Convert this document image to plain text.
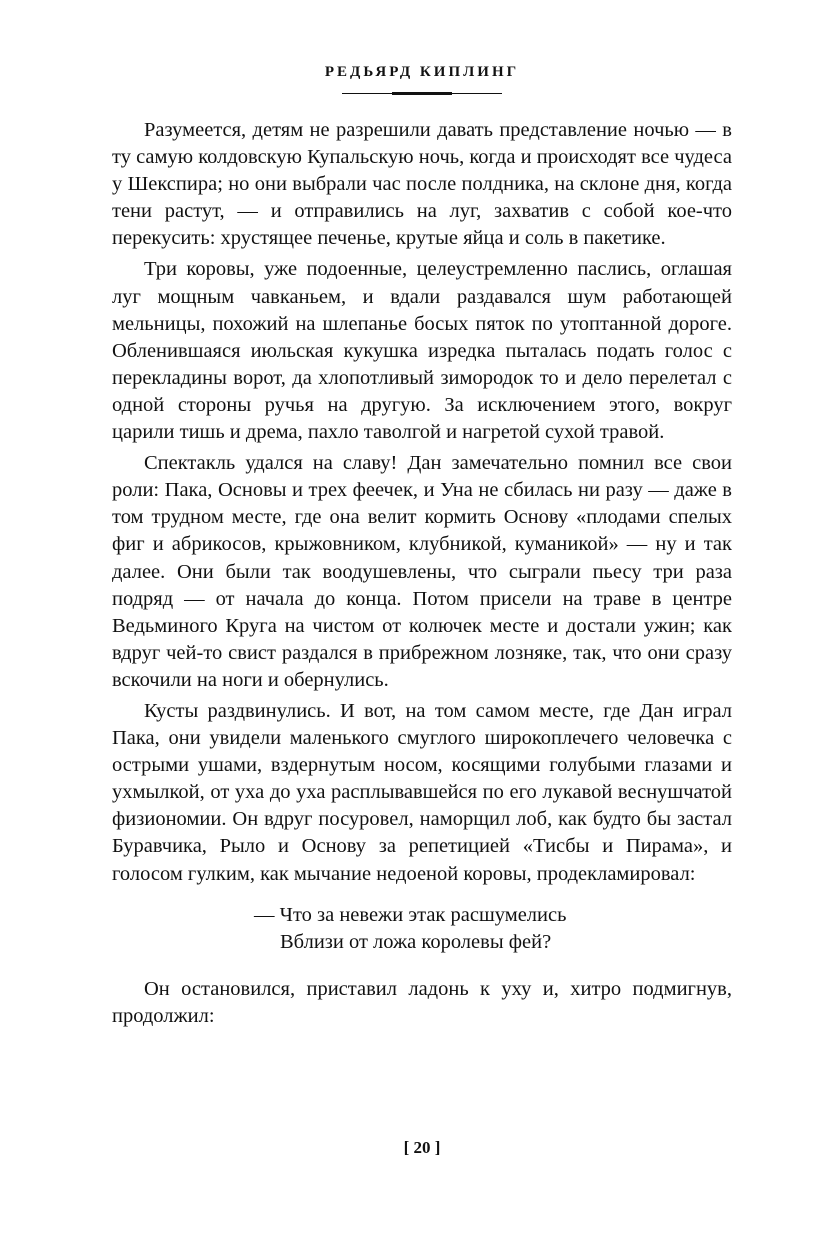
РЕДЬЯРД КИПЛИНГ

Разумеется, детям не разрешили давать представление ночью — в ту самую колдовскую Купальскую ночь, когда и происходят все чудеса у Шекспира; но они выбрали час после полдника, на склоне дня, когда тени растут, — и отправились на луг, захватив с собой кое-что перекусить: хрустящее печенье, крутые яйца и соль в пакетике.

Три коровы, уже подоенные, целеустремленно паслись, оглашая луг мощным чавканьем, и вдали раздавался шум работающей мельницы, похожий на шлепанье босых пяток по утоптанной дороге. Обленившаяся июльская кукушка изредка пыталась подать голос с перекладины ворот, да хлопотливый зимородок то и дело перелетал с одной стороны ручья на другую. За исключением этого, вокруг царили тишь и дрема, пахло таволгой и нагретой сухой травой.

Спектакль удался на славу! Дан замечательно помнил все свои роли: Пака, Основы и трех феечек, и Уна не сбилась ни разу — даже в том трудном месте, где она велит кормить Основу «плодами спелых фиг и абрикосов, крыжовником, клубникой, куманикой» — ну и так далее. Они были так воодушевлены, что сыграли пьесу три раза подряд — от начала до конца. Потом присели на траве в центре Ведьминого Круга на чистом от колючек месте и достали ужин; как вдруг чей-то свист раздался в прибрежном лозняке, так, что они сразу вскочили на ноги и обернулись.

Кусты раздвинулись. И вот, на том самом месте, где Дан играл Пака, они увидели маленького смуглого широкоплечего человечка с острыми ушами, вздернутым носом, косящими голубыми глазами и ухмылкой, от уха до уха расплывавшейся по его лукавой веснушчатой физиономии. Он вдруг посуровел, наморщил лоб, как будто бы застал Буравчика, Рыло и Основу за репетицией «Тисбы и Пирама», и голосом гулким, как мычание недоеной коровы, продекламировал:

— Что за невежи этак расшумелись
Вблизи от ложа королевы фей?

Он остановился, приставил ладонь к уху и, хитро подмигнув, продолжил:

[ 20 ]
